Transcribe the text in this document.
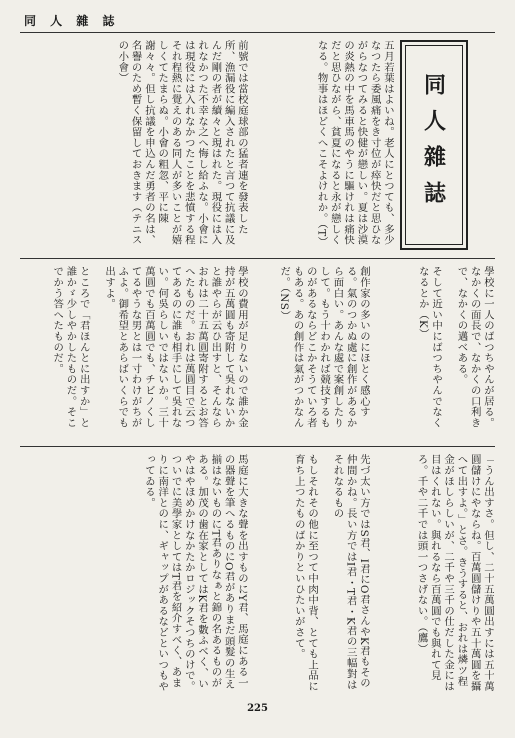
同 人 雜 誌
同人雜誌

五月若葉はよいね。老人にとつても、多少なつたら委風痛をき寸位が瘁快だと思ひながらなつてみると快健が戀しい。夏は沙漠の炎熱の中を馬車馬のやうに驅けれは痛快だと思ひながら、貧夏になると永が戀しくなる。物事はほどくへこそよけれか。（T）

前號では當校庭球部の猛者連を發表した所、漁漏役に編入されたと言つて抗議に及んだ剛の者が續々と現はれた。現役には入れなかつた不幸な之へ悔し給ふな。小會には現役には入れなかつたことを悲憤する程それ程熱に覺えのある同人が多いことが嬉しくてたまらぬ。小會の粗忽、平に陳謝々々。但し抗議を申込んだ勇者の名は、名譽のため暫く保留しておきます（テニスの小會）

學校に一人のばつちやんが居る。なかくの面長で、なかくの口利きで、なかくの邁べある。

そして近い中にばつちやんでなくなるとか（K）

創作家の多いのにほとく感心する。氣のつかぬ處に創作があるから面白い。あんな處で案創したりして。もう十わかれば競技するものがあるならどこかそうていろ者もある。あの創作は氣がつかなんだ。（NS）

學校の費用が足りないので誰か金持が五萬圓も寄附して吳れないかと誰やらが云ひ出すと、そんならおれは二十五萬圓寄附するとお答へたものだ。おれは萬圓目で云つてあるのに誰も相手にして吳れない。何吳らしいではないか。三十萬圓でも百萬圓でも、チビノくしてるやうな男とは一寸わけがちがふよ。御希望とあらばいくらでも出すよ。

ところで「君ほんとに出すか」と誰かゞ少しやかしたものだ。そこでかう答へたものだ。

「うん出すさ。但し、二十五萬圓出すには五十萬圓儲けにやならね。百萬圓儲けりや五十萬圓を攝へて出すよ。」とさ。きうすると、おれは燐ツ程金がほしらしいが、二千や三千の仕だした金には目はくれない。與れるなら百萬圓でも與れて見ろ。千や二千では頭一つさげない。（鷹）

先づ太い方ではS君、I君にO君さんやK君もその仲間かね。長い方ではI君・T君・K君の三幅對はそれなるもの

もしそれその他に至つて中肉中背、とても上品に育ち上つたものばかりといひたいがさて。

馬庭に大きな聲を出すものにY君、馬庭にある一の器聲を筆へるものにO君がありまだ頭髮の生え揃はないものにT君ありなぁと錦の名あるものがある。加茂の歯在家としてはK君を數ふべく、いやはやほめかけなかたかロジックそつちのけで。ついでに美學家としてはT君を紹介すべく、あまりに南洋とのに、ギャップがあるなどといつもやってゐる。

225
